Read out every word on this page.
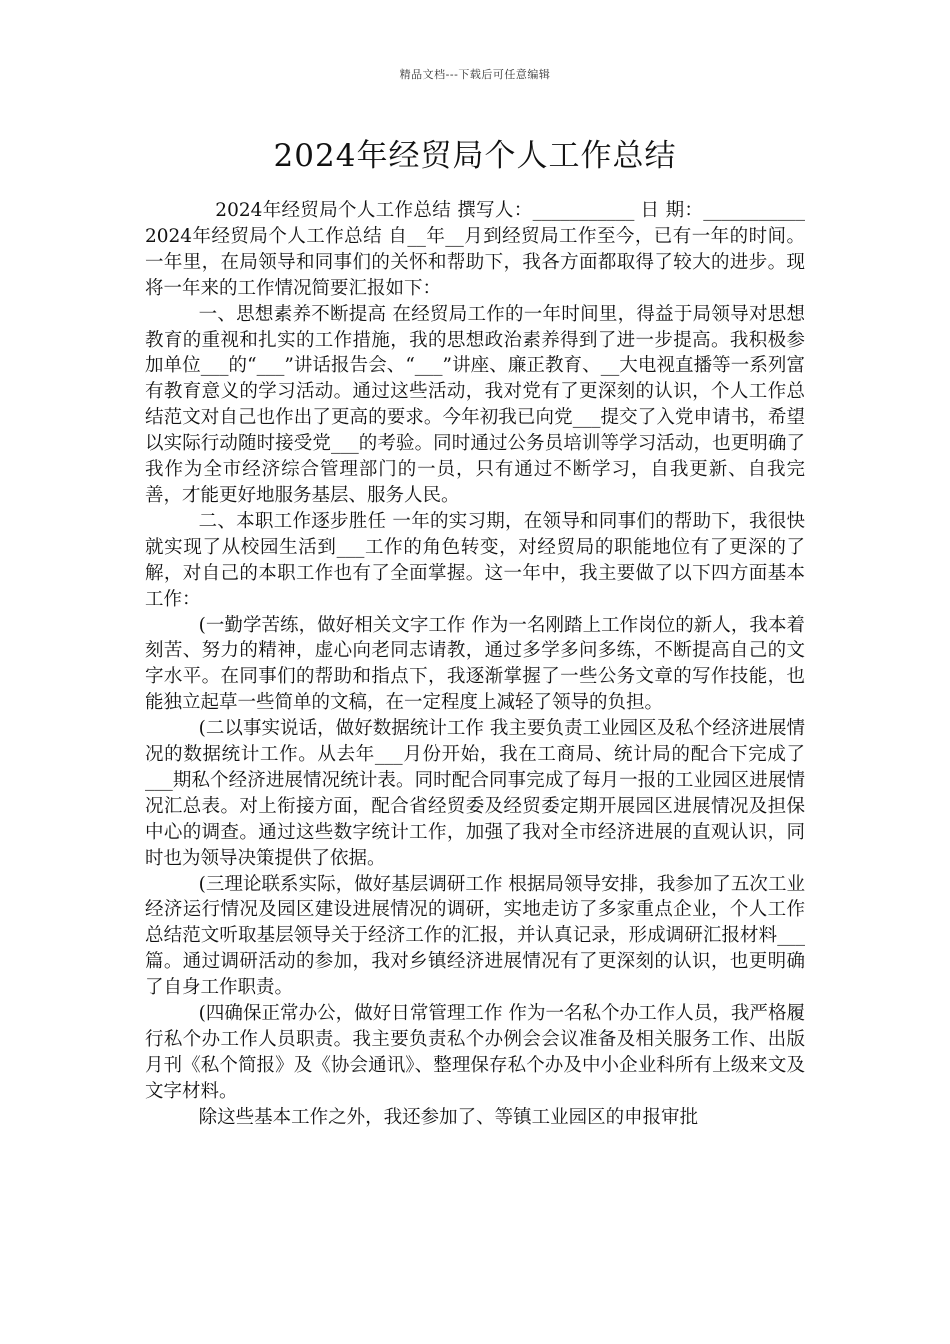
精品文档---下载后可任意编辑
2024年经贸局个人工作总结

2024年经贸局个人工作总结 撰写人：___________ 日 期：___________ 2024年经贸局个人工作总结 自__年__月到经贸局工作至今，已有一年的时间。一年里，在局领导和同事们的关怀和帮助下，我各方面都取得了较大的进步。现将一年来的工作情况简要汇报如下：

一、思想素养不断提高 在经贸局工作的一年时间里，得益于局领导对思想教育的重视和扎实的工作措施，我的思想政治素养得到了进一步提高。我积极参加单位___的“___”讲话报告会、“___”讲座、廉正教育、__大电视直播等一系列富有教育意义的学习活动。通过这些活动，我对党有了更深刻的认识，个人工作总结范文对自己也作出了更高的要求。今年初我已向党___提交了入党申请书，希望以实际行动随时接受党___的考验。同时通过公务员培训等学习活动，也更明确了我作为全市经济综合管理部门的一员，只有通过不断学习，自我更新、自我完善，才能更好地服务基层、服务人民。

二、本职工作逐步胜任 一年的实习期，在领导和同事们的帮助下，我很快就实现了从校园生活到___工作的角色转变，对经贸局的职能地位有了更深的了解，对自己的本职工作也有了全面掌握。这一年中，我主要做了以下四方面基本工作：

(一勤学苦练，做好相关文字工作 作为一名刚踏上工作岗位的新人，我本着刻苦、努力的精神，虚心向老同志请教，通过多学多问多练，不断提高自己的文字水平。在同事们的帮助和指点下，我逐渐掌握了一些公务文章的写作技能，也能独立起草一些简单的文稿，在一定程度上减轻了领导的负担。

(二以事实说话，做好数据统计工作 我主要负责工业园区及私个经济进展情况的数据统计工作。从去年___月份开始，我在工商局、统计局的配合下完成了___期私个经济进展情况统计表。同时配合同事完成了每月一报的工业园区进展情况汇总表。对上衔接方面，配合省经贸委及经贸委定期开展园区进展情况及担保中心的调查。通过这些数字统计工作，加强了我对全市经济进展的直观认识，同时也为领导决策提供了依据。

(三理论联系实际，做好基层调研工作 根据局领导安排，我参加了五次工业经济运行情况及园区建设进展情况的调研，实地走访了多家重点企业，个人工作总结范文听取基层领导关于经济工作的汇报，并认真记录，形成调研汇报材料___篇。通过调研活动的参加，我对乡镇经济进展情况有了更深刻的认识，也更明确了自身工作职责。

(四确保正常办公，做好日常管理工作 作为一名私个办工作人员，我严格履行私个办工作人员职责。我主要负责私个办例会会议准备及相关服务工作、出版月刊《私个简报》及《协会通讯》、整理保存私个办及中小企业科所有上级来文及文字材料。

除这些基本工作之外，我还参加了、等镇工业园区的申报审批
